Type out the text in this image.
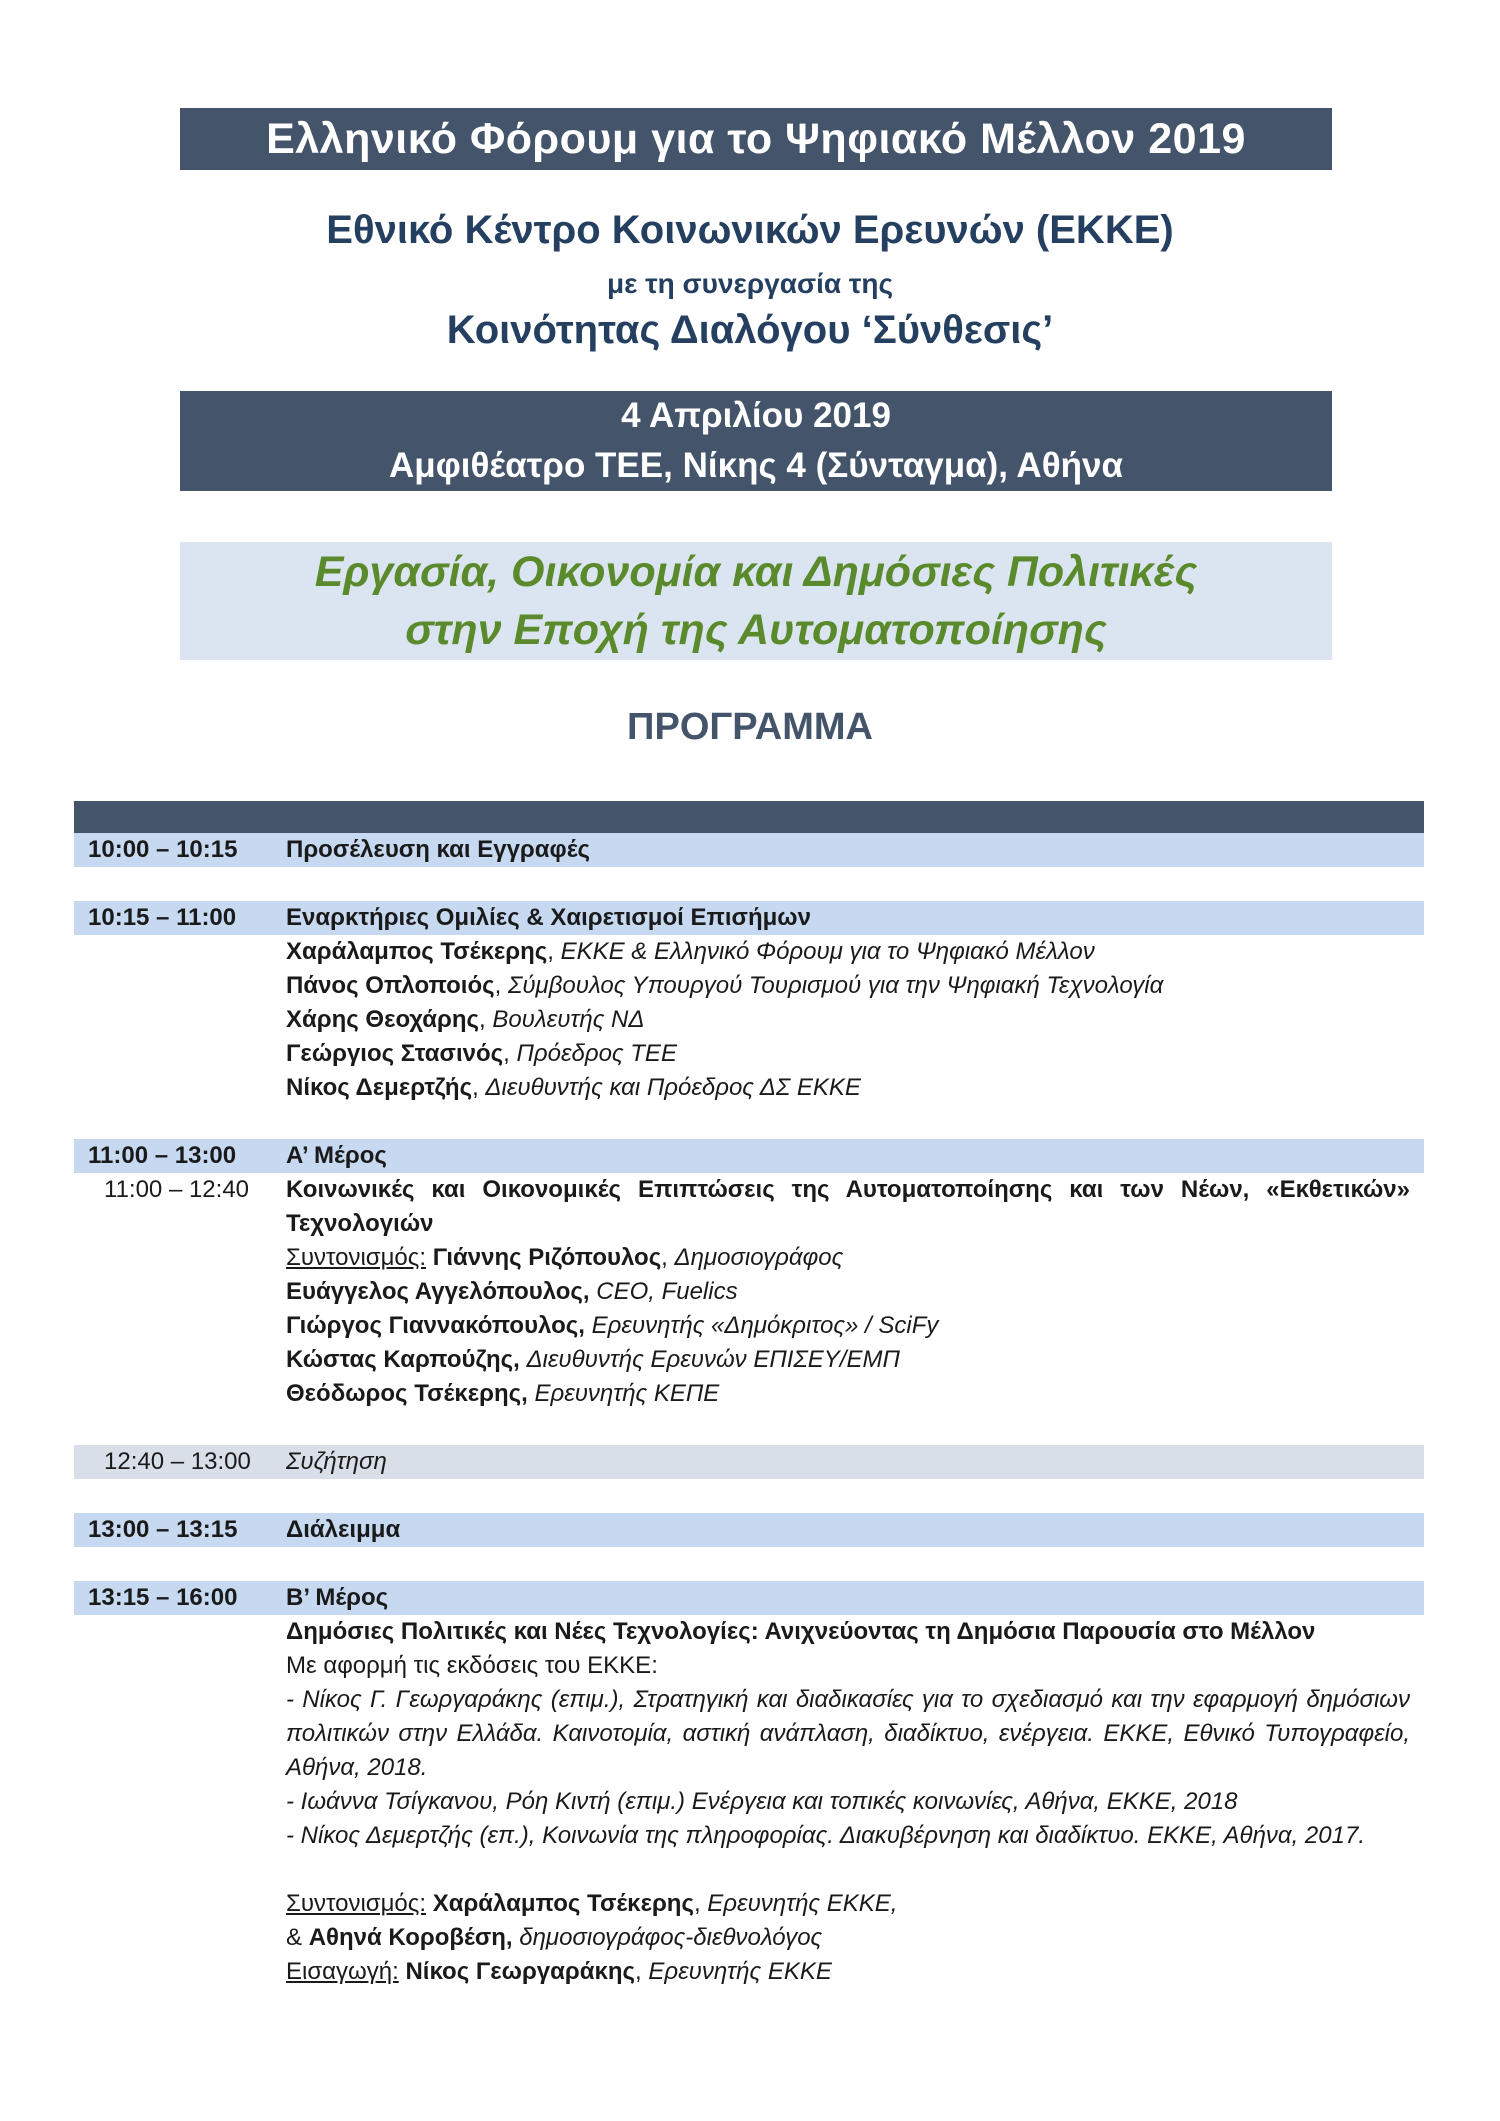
Ελληνικό Φόρουμ για το Ψηφιακό Μέλλον 2019
Εθνικό Κέντρο Κοινωνικών Ερευνών (ΕΚΚΕ)
με τη συνεργασία της
Κοινότητας Διαλόγου ‘Σύνθεσις’
4 Απριλίου 2019
Αμφιθέατρο ΤΕΕ, Νίκης 4 (Σύνταγμα), Αθήνα
Εργασία, Οικονομία και Δημόσιες Πολιτικές
στην Εποχή της Αυτοματοποίησης
ΠΡΟΓΡΑΜΜΑ
10:00 – 10:15 Προσέλευση και Εγγραφές
10:15 – 11:00 Εναρκτήριες Ομιλίες & Χαιρετισμοί Επισήμων
Χαράλαμπος Τσέκερης, ΕΚΚΕ & Ελληνικό Φόρουμ για το Ψηφιακό Μέλλον
Πάνος Οπλοποιός, Σύμβουλος Υπουργού Τουρισμού για την Ψηφιακή Τεχνολογία
Χάρης Θεοχάρης, Βουλευτής ΝΔ
Γεώργιος Στασινός, Πρόεδρος ΤΕΕ
Νίκος Δεμερτζής, Διευθυντής και Πρόεδρος ΔΣ ΕΚΚΕ
11:00 – 13:00 Α’ Μέρος
11:00 – 12:40 Κοινωνικές και Οικονομικές Επιπτώσεις της Αυτοματοποίησης και των Νέων, «Εκθετικών» Τεχνολογιών
Συντονισμός: Γιάννης Ριζόπουλος, Δημοσιογράφος
Ευάγγελος Αγγελόπουλος, CEO, Fuelics
Γιώργος Γιαννακόπουλος, Ερευνητής «Δημόκριτος» / SciFy
Κώστας Καρπούζης, Διευθυντής Ερευνών ΕΠΙΣΕΥ/ΕΜΠ
Θεόδωρος Τσέκερης, Ερευνητής ΚΕΠΕ
12:40 – 13:00 Συζήτηση
13:00 – 13:15 Διάλειμμα
13:15 – 16:00 Β’ Μέρος
Δημόσιες Πολιτικές και Νέες Τεχνολογίες: Ανιχνεύοντας τη Δημόσια Παρουσία στο Μέλλον
Με αφορμή τις εκδόσεις του ΕΚΚΕ:
- Νίκος Γ. Γεωργαράκης (επιμ.), Στρατηγική και διαδικασίες για το σχεδιασμό και την εφαρμογή δημόσιων πολιτικών στην Ελλάδα. Καινοτομία, αστική ανάπλαση, διαδίκτυο, ενέργεια. ΕΚΚΕ, Εθνικό Τυπογραφείο, Αθήνα, 2018.
- Ιωάννα Τσίγκανου, Ρόη Κιντή (επιμ.) Ενέργεια και τοπικές κοινωνίες, Αθήνα, ΕΚΚΕ, 2018
- Νίκος Δεμερτζής (επ.), Κοινωνία της πληροφορίας. Διακυβέρνηση και διαδίκτυο. ΕΚΚΕ, Αθήνα, 2017.
Συντονισμός: Χαράλαμπος Τσέκερης, Ερευνητής ΕΚΚΕ,
& Αθηνά Κοροβέση, δημοσιογράφος-διεθνολόγος
Εισαγωγή: Νίκος Γεωργαράκης, Ερευνητής ΕΚΚΕ
